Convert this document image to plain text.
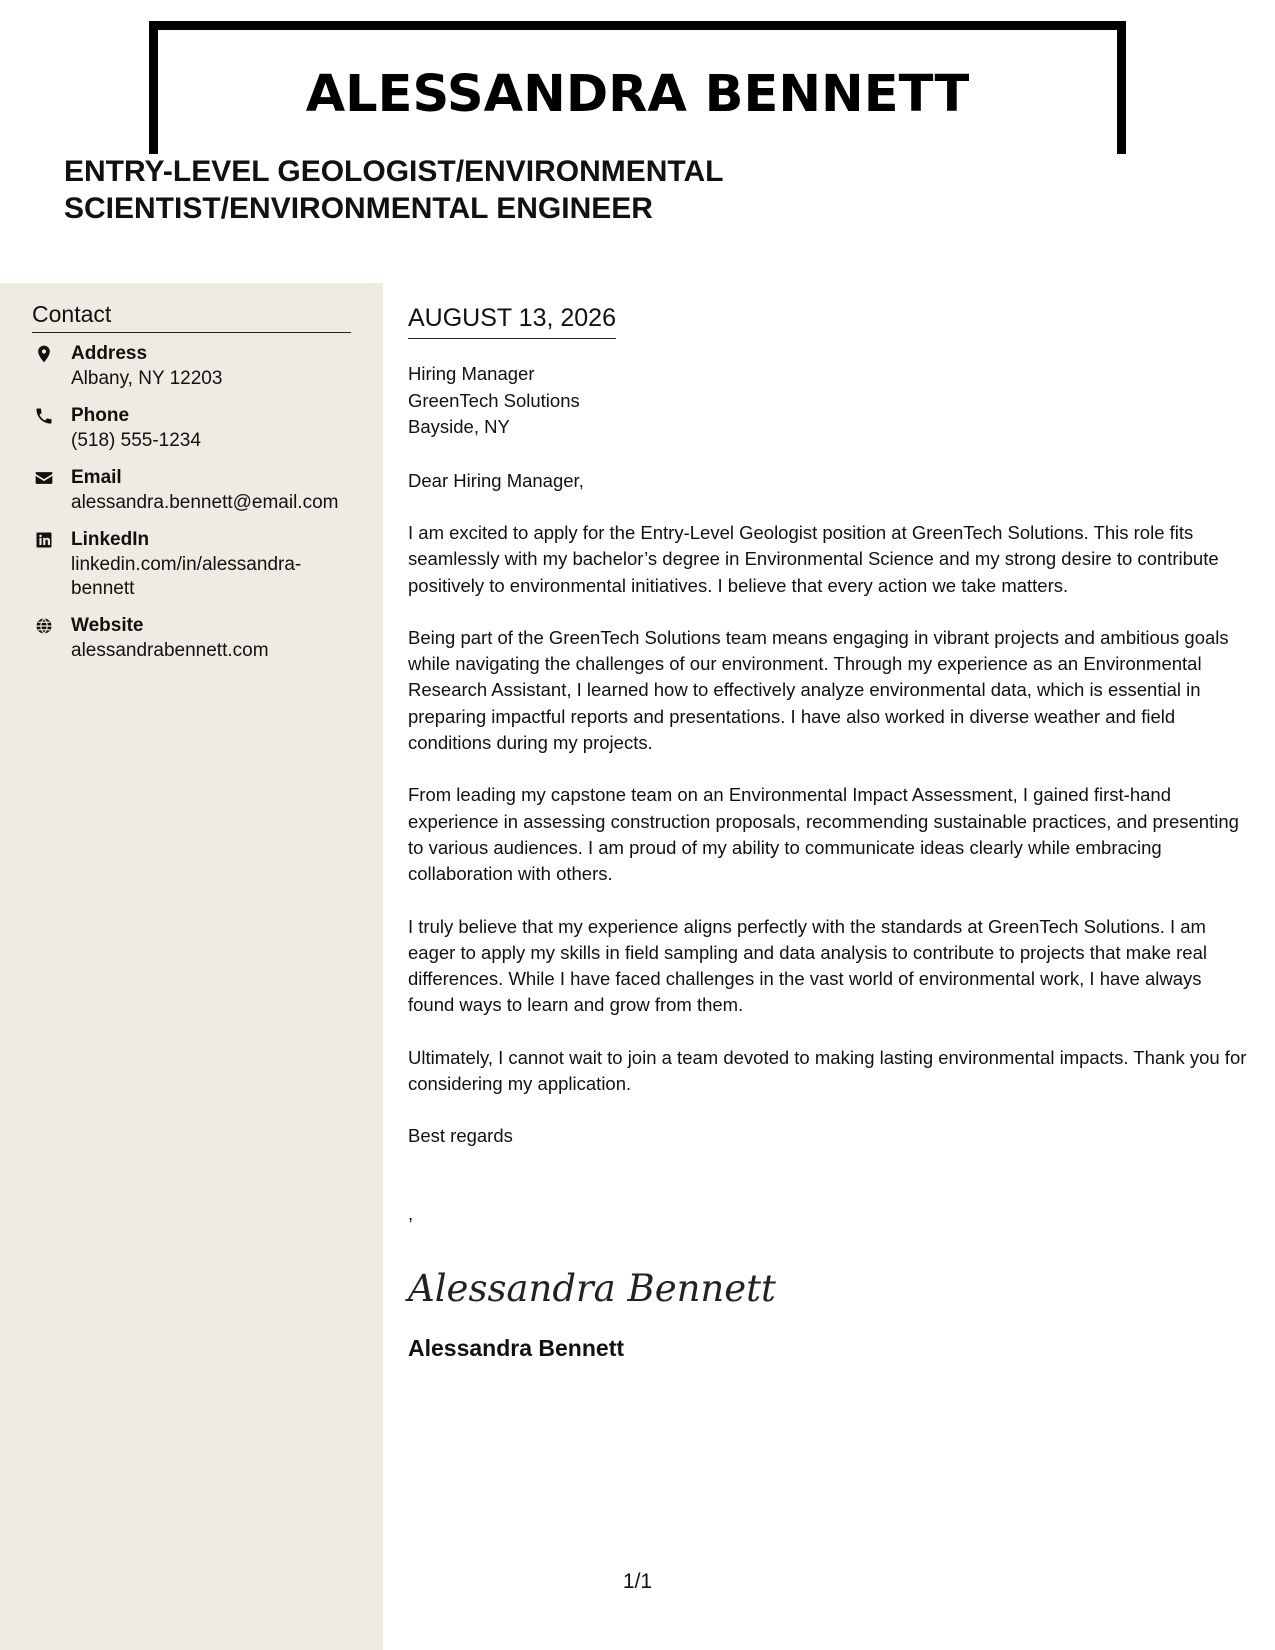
ALESSANDRA BENNETT
ENTRY-LEVEL GEOLOGIST/ENVIRONMENTAL SCIENTIST/ENVIRONMENTAL ENGINEER
Contact
Address
Albany, NY 12203
Phone
(518) 555-1234
Email
alessandra.bennett@email.com
LinkedIn
linkedin.com/in/alessandra-bennett
Website
alessandrabennett.com
AUGUST 13, 2026
Hiring Manager
GreenTech Solutions
Bayside, NY
Dear Hiring Manager,

I am excited to apply for the Entry-Level Geologist position at GreenTech Solutions. This role fits seamlessly with my bachelor’s degree in Environmental Science and my strong desire to contribute positively to environmental initiatives. I believe that every action we take matters.

Being part of the GreenTech Solutions team means engaging in vibrant projects and ambitious goals while navigating the challenges of our environment. Through my experience as an Environmental Research Assistant, I learned how to effectively analyze environmental data, which is essential in preparing impactful reports and presentations. I have also worked in diverse weather and field conditions during my projects.

From leading my capstone team on an Environmental Impact Assessment, I gained first-hand experience in assessing construction proposals, recommending sustainable practices, and presenting to various audiences. I am proud of my ability to communicate ideas clearly while embracing collaboration with others.

I truly believe that my experience aligns perfectly with the standards at GreenTech Solutions. I am eager to apply my skills in field sampling and data analysis to contribute to projects that make real differences. While I have faced challenges in the vast world of environmental work, I have always found ways to learn and grow from them.

Ultimately, I cannot wait to join a team devoted to making lasting environmental impacts. Thank you for considering my application.

Best regards
,
Alessandra Bennett
Alessandra Bennett
1/1
